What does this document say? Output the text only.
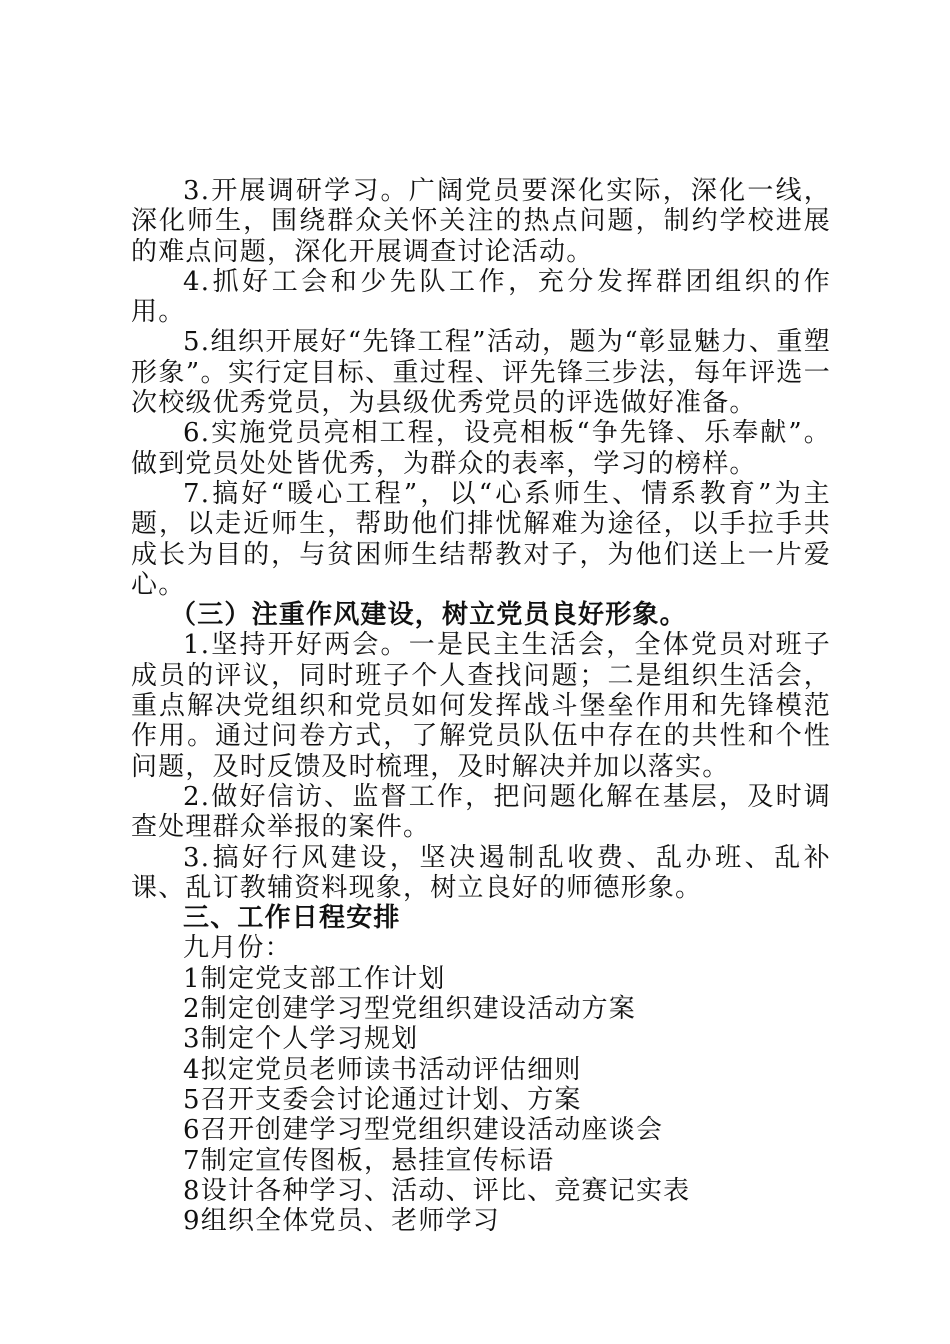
3.开展调研学习。广阔党员要深化实际，深化一线，深化师生，围绕群众关怀关注的热点问题，制约学校进展的难点问题，深化开展调查讨论活动。

4.抓好工会和少先队工作，充分发挥群团组织的作用。

5.组织开展好“先锋工程”活动，题为“彰显魅力、重塑形象”。实行定目标、重过程、评先锋三步法，每年评选一次校级优秀党员，为县级优秀党员的评选做好准备。

6.实施党员亮相工程，设亮相板“争先锋、乐奉献”。做到党员处处皆优秀，为群众的表率，学习的榜样。

7.搞好“暖心工程”，以“心系师生、情系教育”为主题，以走近师生，帮助他们排忧解难为途径，以手拉手共成长为目的，与贫困师生结帮教对子，为他们送上一片爱心。

（三）注重作风建设，树立党员良好形象。

1.坚持开好两会。一是民主生活会，全体党员对班子成员的评议，同时班子个人查找问题；二是组织生活会，重点解决党组织和党员如何发挥战斗堡垒作用和先锋模范作用。通过问卷方式，了解党员队伍中存在的共性和个性问题，及时反馈及时梳理，及时解决并加以落实。

2.做好信访、监督工作，把问题化解在基层，及时调查处理群众举报的案件。

3.搞好行风建设，坚决遏制乱收费、乱办班、乱补课、乱订教辅资料现象，树立良好的师德形象。

三、工作日程安排

九月份：

1制定党支部工作计划

2制定创建学习型党组织建设活动方案

3制定个人学习规划

4拟定党员老师读书活动评估细则

5召开支委会讨论通过计划、方案

6召开创建学习型党组织建设活动座谈会

7制定宣传图板，悬挂宣传标语

8设计各种学习、活动、评比、竞赛记实表

9组织全体党员、老师学习
